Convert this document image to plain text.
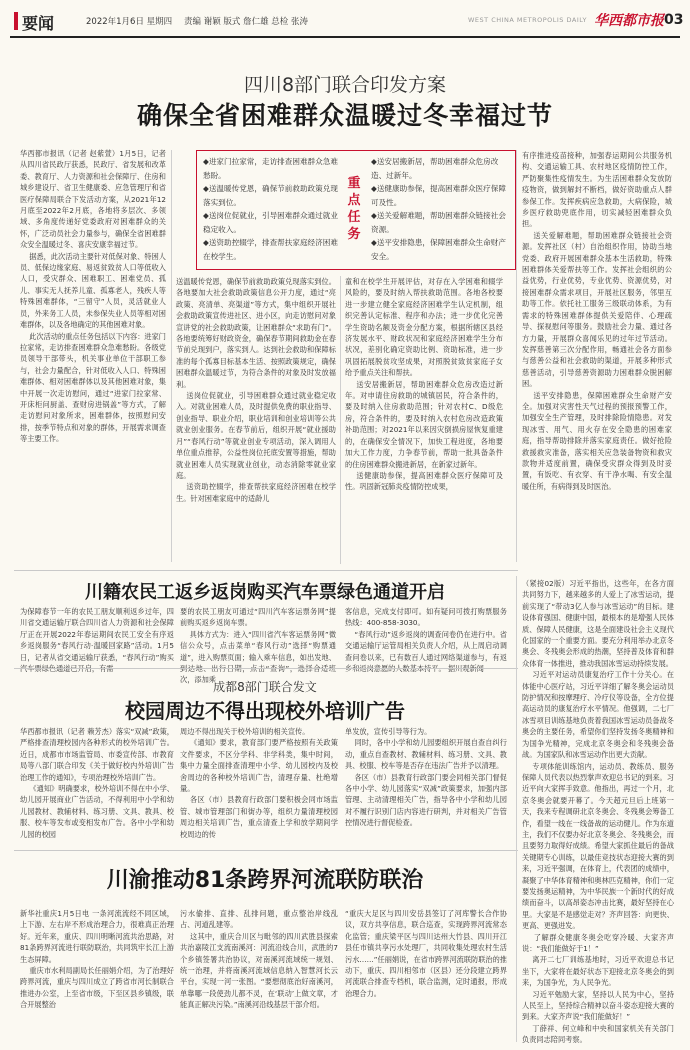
要闻	2022年1月6日 星期四 责编 谢颖 版式 詹仁雄 总检 张涛	WEST CHINA METROPOLIS DAILY 华西都市报 03
四川8部门联合印发方案
确保全省困难群众温暖过冬幸福过节
华西都市报讯（记者 赵紫萱）1月5日，记者从四川省民政厅获悉，民政厅、省发展和改革委、教育厅、人力资源和社会保障厅、住房和城乡建设厅、省卫生健康委、应急管理厅和省医疗保障局联合下发活动方案，从2021年12月底至2022年2月底，各地将多层次、多领域、多角度传递好党委政府对困难群众的关怀，广泛动员社会力量参与，确保全省困难群众安全温暖过冬、喜庆安康幸福过节。
据悉，此次活动主要针对低保对象、特困人员、低保边缘家庭、易返贫致贫人口等低收入人口，受灾群众、困难职工、困难党员、孤儿、事实无人抚养儿童、孤寡老人，残疾人等特殊困难群体，“三留守”人员，灵活就业人员，外来务工人员，未参保失业人员等相对困难群体，以及各地确定的其他困难对象。
此次活动的重点任务包括以下内容：进家门拉家常，走访排查困难群众急难愁盼。各级党员领导干部带头，机关事业单位干部职工参与，社会力量配合，针对低收入人口、特殊困难群体、相对困难群体以及其他困难对象，集中开展一次走访慰问，通过“进家门拉家常、开床柜问厨盖、查财房进锅盖”等方式，了解走访慰问对象所求，困难群体，按照慰问安排，按季节特点和对象的群体，开展需求调查等主要工作。
◆进家门拉家常，走访排查困难群众急难愁盼。
◆送温暖传党恩，确保节前救助政策兑现落实到位。
◆送岗位促就业，引导困难群众通过就业稳定收入。
◆送资助控辍学，排查帮扶家庭经济困难在校学生。
重点任务
◆送安居搬新居，帮助困难群众危房改造、过新年。
◆送健康助参保，提高困难群众医疗保障可及性。
◆送关爱解难题，帮助困难群众链接社会资源。
◆送平安排隐患，保障困难群众生命财产安全。
送温暖传党恩，确保节前救助政策兑现落实到位。各地要加大社会救助政策信息公开力度，通过“亮政策、亮清单、亮渠道”等方式，集中组织开展社会救助政策宣传进社区、进小区，向走访慰问对象宣讲党的社会救助政策，让困难群众“求助有门”。各地要统筹好财政资金，确保春节期间救助金在春节前兑现到户，落实到人。达到社会救助和保障标准的每个孤寡目标基本生活、按照政策规定，确保困难群众温暖过节，为符合条件的对象及时发放福利。
送岗位促就业，引导困难群众通过就业稳定收入。对就业困难人员，及时提供免费的职业指导、创业指导、职业介绍，职业培训和创业培训等公共就业创业服务。在春节前后，组织开展“就业援助月”“春风行动”等就业创业专项活动，深入调用人单位重点推荐，公益性岗位托底安置等措施，帮助就业困难人员实现就业创业，动态消除零就业家庭。
送资助控辍学，排查帮扶家庭经济困难在校学生。针对困难家庭中的适龄儿
童和在校学生开展评估，对存在入学困难和辍学风险的，要及时纳入帮扶救助范围。各地各校要进一步建立健全家庭经济困难学生认定机制，组织完善认定标准、程序和办法；进一步优化完善学生资助名额及资金分配方案，根据所辖区县经济发展水平、财政状况和家庭经济困难学生分布状况，差别化确定资助比例、资助标准，进一步巩固拓展脱贫攻坚成果，对照脱贫致贫家庭子女给予重点关注和帮扶。
送安居搬新居，帮助困难群众危房改造过新年。对申请住房救助的城镇居民，符合条件的，要及时纳入住房救助范围；针对农村C、D级危房，符合条件的，要及时纳入农村危房改造政策补助范围；对2021年以来因灾倒损房屋恢复重建的，在确保安全情况下，加快工程进度，各地要加大工作力度，力争春节前，帮助一批具备条件的住房困难群众搬进新居，在新家过新年。
送健康助参保，提高困难群众医疗保障可及性。巩固新冠肺炎疫情防控成果，
有序推进疫苗接种，加强春运期间公共服务机构、交通运输工具、农村地区疫情防控工作，严防聚集性疫情发生。为生活困难群众发放防疫物资，做到解封不断档，做好资助重点人群参保工作。发挥疾病应急救助，大病保险，城乡医疗救助兜底作用，切实减轻困难群众负担。
送关爱解难题，帮助困难群众链接社会资源。发挥社区（村）自治组织作用，协助当地党委、政府开展困难群众基本生活救助，特殊困难群体关爱帮扶等工作。发挥社会组织的公益优势，行业优势，专业优势、资源优势，对接困难群众需求项目，开展社区服务，邻里互助等工作。依托社工服务三级联动体系，为有需求的特殊困难群体提供关爱陪伴、心理疏导、探视慰问等服务。鼓励社会力量、通过各方力量，开展群众喜闻乐见的过年过节活动。发挥慈善第三次分配作用，畅通社会各方面参与慈善公益和社会救助的渠道，开展多种形式慈善活动，引导慈善资源助力困难群众脱困解困。
送平安排隐患，保障困难群众生命财产安全。加强对灾害性天气过程的预报预警工作，加强安全生产管理，及时排除险情隐患。对发现冰雪、用气、用火存在安全隐患的困难家庭，指导帮助排除并落实家庭责任。做好抢险救援救灾准备，落实相关应急装备物资和救灾款物并适度前置，确保受灾群众得到及时妥置，有饭吃、有衣穿、有干净水喝、有安全温暖住所，有病得到及时医治。
川籍农民工返乡返岗购买汽车票绿色通道开启
为保障春节一年的农民工朋友顺利返乡过年，四川省交通运输厅联合四川省人力资源和社会保障厅正在开展2022年春运期间农民工安全有序返乡返岗服务“春风行动·温暖回家路”活动。1月5日，记者从省交通运输厅获悉，“春风行动”购买
要的农民工朋友可通过“四川汽车客运票务网”提前购买返乡返岗车票。
具体方式为：进入“四川省汽车客运票务网”微信公众号，点击菜单“春风行动”选择“购票通道”，进入购票页面；输入乘车信息，如出发地、 次，添加乘
客信息，完成支付即可。如有疑问可拨打购票服务热线：400-858-3030。
“春风行动”返乡返岗的调查问卷仍在进行中。省交通运输厅运管局相关负责人介绍，从上周启动调查问卷以来，已有数百人通过网络渠道参与，有返
成都8部门联合发文
校园周边不得出现校外培训广告
华西都市报讯（记者 赖芳杰）落实“双减”政策，严格排查清理校园内各种形式的校外培训广告。近日，成都市市场监管局、市委宣传部、市教育局等八部门联合印发《关于做好校内外培训广告治理工作的通知》，专项治理校外培训广告。
《通知》明确要求，校外培训不得在中小学、幼儿园开展商业广告活动，不得利用中小学和幼儿园教材、教辅材料、练习册、文具、教具、校服、校车等发布或变相发布广告。各中小学和幼儿园的校园
周边不得出现关于校外培训的相关宣传。
《通知》要求，教育部门要严格按照有关政策文件要求，不区分学科、非学科类，集中时间，集中力量全面排查清理中小学、幼儿园校内及校舍周边的各种校外培训广告，清理存量、杜绝增量。
各区（市）县教育行政部门要积极会同市场监管、城市管理部门和街办等，组织力量清理校园周边相关培训广告，重点清查上学和放学期间学校周边的传
单发放，宣传引导等行为。
同时，各中小学和幼儿园要组织开展自查自纠行动，重点自查教材、教辅材料、练习册、文具、教具、校服、校车等是否存在违法广告并予以清理。
各区（市）县教育行政部门要会同相关部门督促各中小学、幼儿园落实“双减”政策要求，加强内部管理、主动清理相关广告，指导各中小学和幼儿园对不履行识别门店内容进行研判，并对相关广告管控情况进行督促检查。
川渝推动81条跨界河流联防联治
新华社重庆1月5日电 一条河流流经不同区域，上下游、左右岸不形成治理合力，很难真正治理好。近年来，重庆、四川明晰河流共治思路，对81条跨界河流进行联防联治，共同筑牢长江上游生态屏障。
重庆市水利局副局长任丽娟介绍，为了治理好跨界河流，重庆与四川成立了跨省市河长制联合推进办公室，上至省市级，下至区县乡镇级，联合开展整治
污水偷排、直排、乱排问题，重点整治岸线乱占、河道乱建等。
这其中，重庆合川区与毗邻的四川武胜县探索共治嘉陵江支流南溪河：河流沿线合川，武胜的7个乡镇签署共治协议，对南溪河流域统一规划、统一治理，并将南溪河流域信息纳入智慧河长云平台，实现一河一张图。“要想彻底治好南溪河，单靠哪一段使劲儿都不灵，在‘联动’上做文章，才能真正解决污染。”南溪河沿线基层干部介绍。
“重庆大足区与四川安岳县签订了河库警长合作协议，双方共享信息，联合巡查，实现跨界河流常态化监管；重庆梁平区与四川达州大竹县、四川开江县任市镇共享污水处理厂，共同收集处理农村生活污水……”任丽娟说，在省市跨界河流联防联治的推动下，重庆、四川相邻市（区县）还分段建立跨界河流联合排查专档机，联合监测，定时通报，形成治理合力。
（紧接02版）习近平指出，这些年，在各方面共同努力下，越来越多的人爱上了冰雪运动，提前实现了“带动3亿人参与冰雪运动”的目标。建设体育强国、健康中国，最根本的是增强人民体质、保障人民健康，这是全面建设社会主义现代化国家的一个重要方面。要充分利用举办北京冬奥会、冬残奥会形成的热潮，坚持普及体育和群众体育一体推进，推动我国冰雪运动持续发展。
习近平对运动员康复治疗工作十分关心。在体能中心医疗站，习近平详细了解冬奥会运动员防护情况和按摩理疗、冷疗仪等设备，全方位提高运动员的康复治疗水平情况。他强调，二七厂冰雪项目训练基地负责着我国冰雪运动员备战冬奥会的主要任务，希望你们坚持发扬冬奥精神和为国争光精神，完成北京冬奥会和冬残奥会备战。为国家队和冰雪运动作出更大贡献。
专项体能训练馆内，运动员、教练员、服务保障人员代表以热烈掌声欢迎总书记的到来。习近平向大家挥手致意。他指出，再过一个月，北京冬奥会就要开幕了。今天超元旦后上班第一天，我来专程调研北京冬奥会、冬残奥会筹备工作，看望一线在一线备战的运动健儿。作为东道主，我们不仅要办好北京冬奥会、冬残奥会，而且要努力取得好成绩。希望大家抓住最后的备战关键期专心训练，以最佳竞技状态迎接大赛的到来，习近平强调，在体育上，代表团的成绩中，凝聚了中华体育精神和奥林匹克精神，你们一定要发扬奥运精神，为中华民族一个新时代的好成绩而奋斗，以高昂姿态冲击比赛，最好坚持在心里。大家是不是感觉走对？齐声回答：向更快、更高、更强进发。
了解群众健康冬奥会吃穿冷暖、大家齐声说：“我们能做好于1！”
离开二七厂训练基地时，习近平欢迎总书记坐下，大家将在最好状态下迎接北京冬奥会的到来，为国争光，为人民争光。
习近平勉励大家，坚持以人民为中心，坚持人民至上，坚持综合精神以奋斗姿态迎接大赛的到来。大家齐声说“我们能做好！”
丁薛祥、何立峰和中央和国家机关有关部门负责同志陪同考察。
